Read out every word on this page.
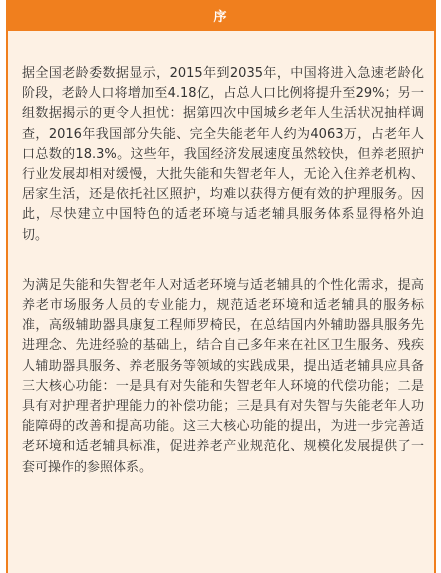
序

据全国老龄委数据显示，2015年到2035年，中国将进入急速老龄化阶段，老龄人口将增加至4.18亿，占总人口比例将提升至29%；另一组数据揭示的更令人担忧：据第四次中国城乡老年人生活状况抽样调查，2016年我国部分失能、完全失能老年人约为4063万，占老年人口总数的18.3%。这些年，我国经济发展速度虽然较快，但养老照护行业发展却相对缓慢，大批失能和失智老年人，无论入住养老机构、居家生活，还是依托社区照护，均难以获得方便有效的护理服务。因此，尽快建立中国特色的适老环境与适老辅具服务体系显得格外迫切。

为满足失能和失智老年人对适老环境与适老辅具的个性化需求，提高养老市场服务人员的专业能力，规范适老环境和适老辅具的服务标准，高级辅助器具康复工程师罗椅民，在总结国内外辅助器具服务先进理念、先进经验的基础上，结合自己多年来在社区卫生服务、残疾人辅助器具服务、养老服务等领域的实践成果，提出适老辅具应具备三大核心功能：一是具有对失能和失智老年人环境的代偿功能；二是具有对护理者护理能力的补偿功能；三是具有对失智与失能老年人功能障碍的改善和提高功能。这三大核心功能的提出，为进一步完善适老环境和适老辅具标准，促进养老产业规范化、规模化发展提供了一套可操作的参照体系。
